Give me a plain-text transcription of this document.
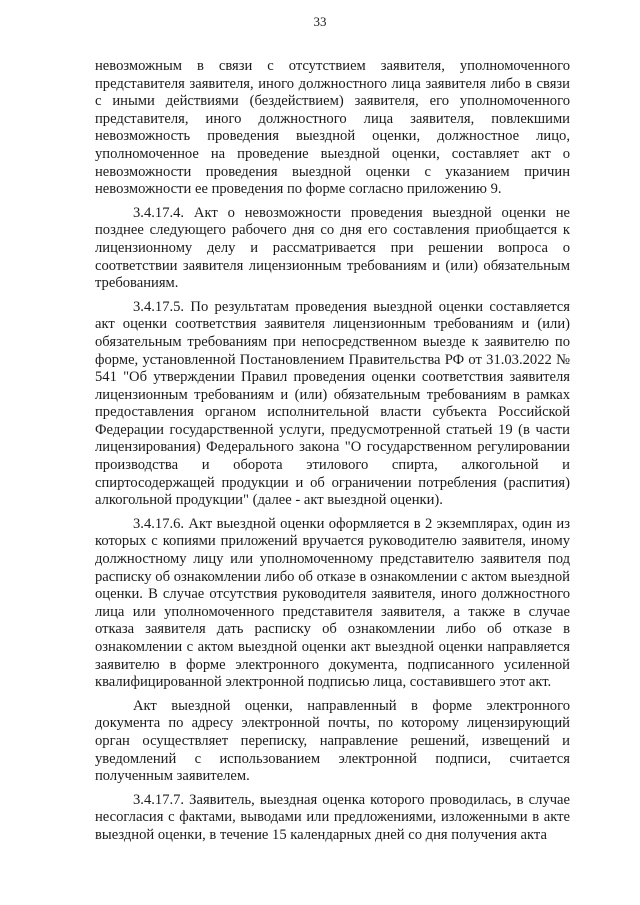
33

невозможным в связи с отсутствием заявителя, уполномоченного представителя заявителя, иного должностного лица заявителя либо в связи с иными действиями (бездействием) заявителя, его уполномоченного представителя, иного должностного лица заявителя, повлекшими невозможность проведения выездной оценки, должностное лицо, уполномоченное на проведение выездной оценки, составляет акт о невозможности проведения выездной оценки с указанием причин невозможности ее проведения по форме согласно приложению 9.

3.4.17.4. Акт о невозможности проведения выездной оценки не позднее следующего рабочего дня со дня его составления приобщается к лицензионному делу и рассматривается при решении вопроса о соответствии заявителя лицензионным требованиям и (или) обязательным требованиям.

3.4.17.5. По результатам проведения выездной оценки составляется акт оценки соответствия заявителя лицензионным требованиям и (или) обязательным требованиям при непосредственном выезде к заявителю по форме, установленной Постановлением Правительства РФ от 31.03.2022 № 541 "Об утверждении Правил проведения оценки соответствия заявителя лицензионным требованиям и (или) обязательным требованиям в рамках предоставления органом исполнительной власти субъекта Российской Федерации государственной услуги, предусмотренной статьей 19 (в части лицензирования) Федерального закона "О государственном регулировании производства и оборота этилового спирта, алкогольной и спиртосодержащей продукции и об ограничении потребления (распития) алкогольной продукции" (далее - акт выездной оценки).

3.4.17.6. Акт выездной оценки оформляется в 2 экземплярах, один из которых с копиями приложений вручается руководителю заявителя, иному должностному лицу или уполномоченному представителю заявителя под расписку об ознакомлении либо об отказе в ознакомлении с актом выездной оценки. В случае отсутствия руководителя заявителя, иного должностного лица или уполномоченного представителя заявителя, а также в случае отказа заявителя дать расписку об ознакомлении либо об отказе в ознакомлении с актом выездной оценки акт выездной оценки направляется заявителю в форме электронного документа, подписанного усиленной квалифицированной электронной подписью лица, составившего этот акт.

Акт выездной оценки, направленный в форме электронного документа по адресу электронной почты, по которому лицензирующий орган осуществляет переписку, направление решений, извещений и уведомлений с использованием электронной подписи, считается полученным заявителем.

3.4.17.7. Заявитель, выездная оценка которого проводилась, в случае несогласия с фактами, выводами или предложениями, изложенными в акте выездной оценки, в течение 15 календарных дней со дня получения акта
